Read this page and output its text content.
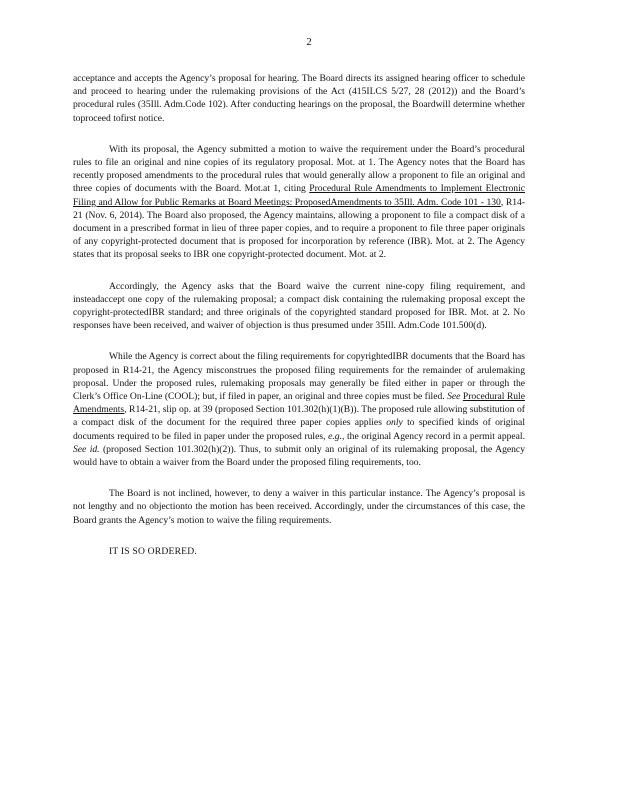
2

acceptance and accepts the Agency’s proposal for hearing. The Board directs its assigned hearing officer to schedule and proceed to hearing under the rulemaking provisions of the Act (415ILCS 5/27, 28 (2012)) and the Board’s procedural rules (35Ill. Adm.Code 102). After conducting hearings on the proposal, the Boardwill determine whether toproceed tofirst notice.

With its proposal, the Agency submitted a motion to waive the requirement under the Board’s procedural rules to file an original and nine copies of its regulatory proposal. Mot. at 1. The Agency notes that the Board has recently proposed amendments to the procedural rules that would generally allow a proponent to file an original and three copies of documents with the Board. Mot.at 1, citing Procedural Rule Amendments to Implement Electronic Filing and Allow for Public Remarks at Board Meetings: ProposedAmendments to 35Ill. Adm. Code 101 - 130, R14-21 (Nov. 6, 2014). The Board also proposed, the Agency maintains, allowing a proponent to file a compact disk of a document in a prescribed format in lieu of three paper copies, and to require a proponent to file three paper originals of any copyright-protected document that is proposed for incorporation by reference (IBR). Mot. at 2. The Agency states that its proposal seeks to IBR one copyright-protected document. Mot. at 2.

Accordingly, the Agency asks that the Board waive the current nine-copy filing requirement, and insteadaccept one copy of the rulemaking proposal; a compact disk containing the rulemaking proposal except the copyright-protectedIBR standard; and three originals of the copyrighted standard proposed for IBR. Mot. at 2. No responses have been received, and waiver of objection is thus presumed under 35Ill. Adm.Code 101.500(d).

While the Agency is correct about the filing requirements for copyrightedIBR documents that the Board has proposed in R14-21, the Agency misconstrues the proposed filing requirements for the remainder of arulemaking proposal. Under the proposed rules, rulemaking proposals may generally be filed either in paper or through the Clerk’s Office On-Line (COOL); but, if filed in paper, an original and three copies must be filed. See Procedural Rule Amendments, R14-21, slip op. at 39 (proposed Section 101.302(h)(1)(B)). The proposed rule allowing substitution of a compact disk of the document for the required three paper copies applies only to specified kinds of original documents required to be filed in paper under the proposed rules, e.g., the original Agency record in a permit appeal. See id. (proposed Section 101.302(h)(2)). Thus, to submit only an original of its rulemaking proposal, the Agency would have to obtain a waiver from the Board under the proposed filing requirements, too.

The Board is not inclined, however, to deny a waiver in this particular instance. The Agency’s proposal is not lengthy and no objectionto the motion has been received. Accordingly, under the circumstances of this case, the Board grants the Agency’s motion to waive the filing requirements.

IT IS SO ORDERED.
